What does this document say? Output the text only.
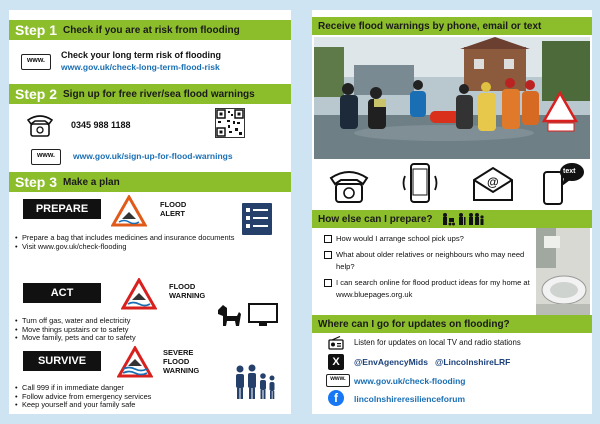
Step 1 Check if you are at risk from flooding
www.
Check your long term risk of flooding
www.gov.uk/check-long-term-flood-risk
Step 2 Sign up for free river/sea flood warnings
0345 988 1188
www.	www.gov.uk/sign-up-for-flood-warnings
Step 3 Make a plan
PREPARE	FLOOD ALERT
• Prepare a bag that includes medicines and insurance documents
• Visit www.gov.uk/check-flooding
ACT
FLOOD WARNING
• Turn off gas, water and electricity
• Move things upstairs or to safety
• Move family, pets and car to safety
SURVIVE
SEVERE FLOOD WARNING
• Call 999 if in immediate danger
• Follow advice from emergency services
• Keep yourself and your family safe
Receive flood warnings by phone, email or text
@
text
How else can I prepare?
How would I arrange school pick ups?
What about older relatives or neighbours who may need help?
I can search online for flood product ideas for my home at www.bluepages.org.uk
Where can I go for updates on flooding?
Listen for updates on local TV and radio stations
X	@EnvAgencyMids   @LincolnshireLRF
www. www.gov.uk/check-flooding
f	lincolnshireresilienceforum
